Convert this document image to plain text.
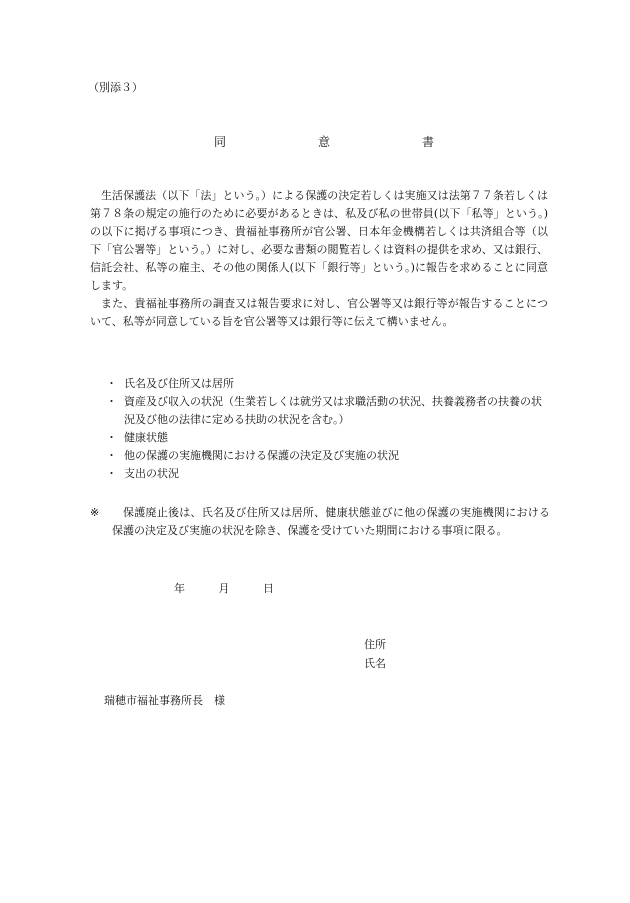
（別添３）
同	意	書

生活保護法（以下「法」という。）による保護の決定若しくは実施又は法第７７条若しくは第７８条の規定の施行のために必要があるときは、私及び私の世帯員(以下「私等」という。)の以下に掲げる事項につき、貴福祉事務所が官公署、日本年金機構若しくは共済組合等（以下「官公署等」という。）に対し、必要な書類の閲覧若しくは資料の提供を求め、又は銀行、信託会社、私等の雇主、その他の関係人(以下「銀行等」という。)に報告を求めることに同意します。

また、貴福祉事務所の調査又は報告要求に対し、官公署等又は銀行等が報告することについて、私等が同意している旨を官公署等又は銀行等に伝えて構いません。

・ 氏名及び住所又は居所
・ 資産及び収入の状況（生業若しくは就労又は求職活動の状況、扶養義務者の扶養の状況及び他の法律に定める扶助の状況を含む。）
・ 健康状態
・ 他の保護の実施機関における保護の決定及び実施の状況
・ 支出の状況
※	保護廃止後は、氏名及び住所又は居所、健康状態並びに他の保護の実施機関における保護の決定及び実施の状況を除き、保護を受けていた期間における事項に限る。
年	月	日
住所
氏名
瑞穂市福祉事務所長　様
